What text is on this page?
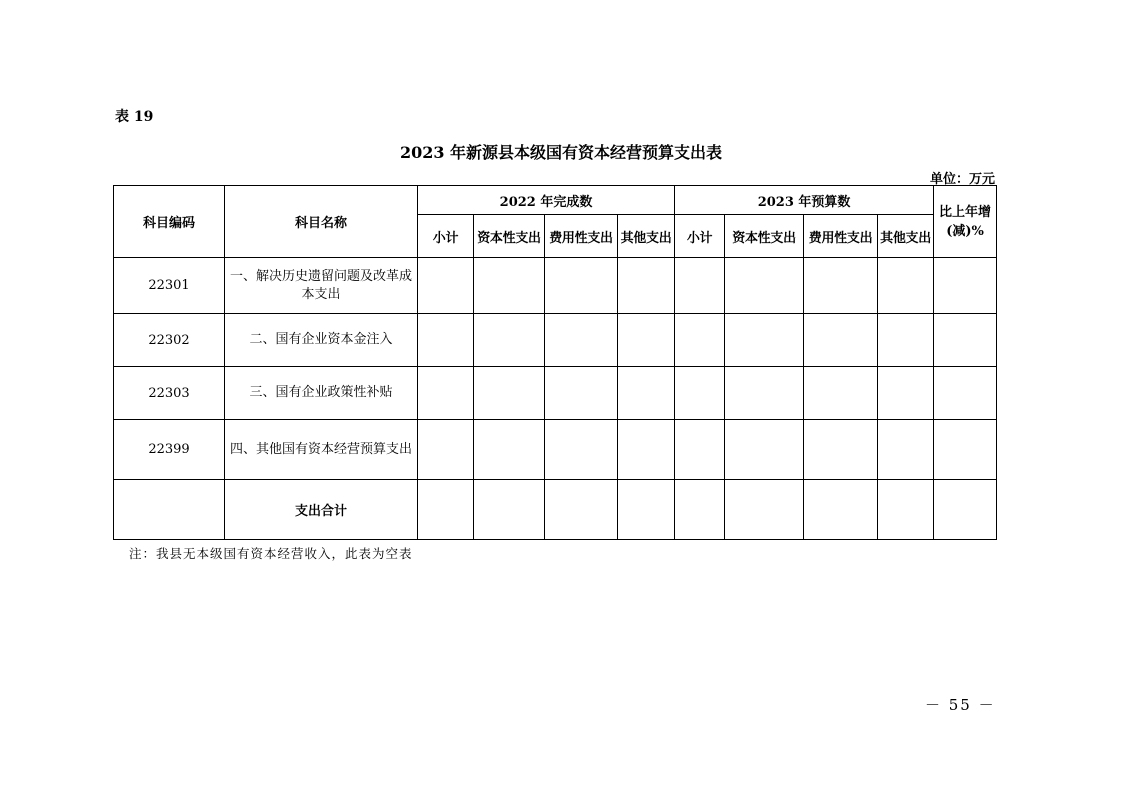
表 19
2023 年新源县本级国有资本经营预算支出表
单位：万元
科目编码	科目名称	2022 年完成数				2023 年预算数				比上年增(减)%
		小计	资本性支出	费用性支出	其他支出	小计	资本性支出	费用性支出	其他支出	
22301	一、解决历史遗留问题及改革成本支出									
22302	二、国有企业资本金注入									
22303	三、国有企业政策性补贴									
22399	四、其他国有资本经营预算支出									
	支出合计									
注：我县无本级国有资本经营收入，此表为空表
－ 55 －
